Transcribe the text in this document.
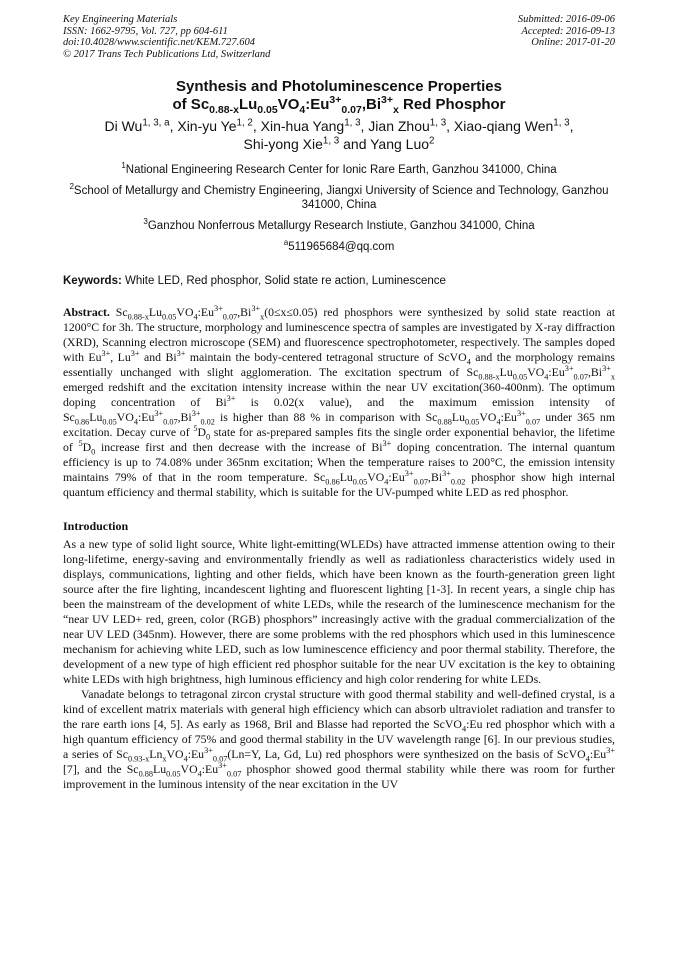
Key Engineering Materials
ISSN: 1662-9795, Vol. 727, pp 604-611
doi:10.4028/www.scientific.net/KEM.727.604
© 2017 Trans Tech Publications Ltd, Switzerland
Submitted: 2016-09-06
Accepted: 2016-09-13
Online: 2017-01-20
Synthesis and Photoluminescence Properties
of $Sc_{0.88-x}Lu_{0.05}VO_4:Eu^{3+}_{0.07},Bi^{3+}_x$ Red Phosphor
Di Wu$^{1, 3, a}$, Xin-yu Ye$^{1, 2}$, Xin-hua Yang$^{1, 3}$, Jian Zhou$^{1, 3}$, Xiao-qiang Wen$^{1, 3}$,
Shi-yong Xie$^{1, 3}$ and Yang Luo$^2$
$^1$National Engineering Research Center for Ionic Rare Earth, Ganzhou 341000, China
$^2$School of Metallurgy and Chemistry Engineering, Jiangxi University of Science and Technology, Ganzhou 341000, China
$^3$Ganzhou Nonferrous Metallurgy Research Instiute, Ganzhou 341000, China
$^a$511965684@qq.com
Keywords: White LED, Red phosphor, Solid state re action, Luminescence
Abstract. $Sc_{0.88-x}Lu_{0.05}VO_4:Eu^{3+}_{0.07},Bi^{3+}_x(0\le x\le 0.05)$ red phosphors were synthesized by solid state reaction at 1200°C for 3h. The structure, morphology and luminescence spectra of samples are investigated by X-ray diffraction (XRD), Scanning electron microscope (SEM) and fluorescence spectrophotometer, respectively. The samples doped with $Eu^{3+}$, $Lu^{3+}$ and $Bi^{3+}$ maintain the body-centered tetragonal structure of ScVO$_4$ and the morphology remains essentially unchanged with slight agglomeration. The excitation spectrum of $Sc_{0.88-x}Lu_{0.05}VO_4:Eu^{3+}_{0.07},Bi^{3+}_x$ emerged redshift and the excitation intensity increase within the near UV excitation(360-400nm). The optimum doping concentration of $Bi^{3+}$ is 0.02(x value), and the maximum emission intensity of $Sc_{0.86}Lu_{0.05}VO_4:Eu^{3+}_{0.07},Bi^{3+}_{0.02}$ is higher than 88 % in comparison with $Sc_{0.88}Lu_{0.05}VO_4:Eu^{3+}_{0.07}$ under 365 nm excitation. Decay curve of $^5D_0$ state for as-prepared samples fits the single order exponential behavior, the lifetime of $^5D_0$ increase first and then decrease with the increase of $Bi^{3+}$ doping concentration. The internal quantum efficiency is up to 74.08% under 365nm excitation; When the temperature raises to 200°C, the emission intensity maintains 79% of that in the room temperature. $Sc_{0.86}Lu_{0.05}VO_4:Eu^{3+}_{0.07},Bi^{3+}_{0.02}$ phosphor show high internal quantum efficiency and thermal stability, which is suitable for the UV-pumped white LED as red phosphor.
Introduction
As a new type of solid light source, White light-emitting(WLEDs) have attracted immense attention owing to their long-lifetime, energy-saving and environmentally friendly as well as radiationless characteristics widely used in displays, communications, lighting and other fields, which have been known as the fourth-generation green light source after the fire lighting, incandescent lighting and fluorescent lighting [1-3]. In recent years, a single chip has been the mainstream of the development of white LEDs, while the research of the luminescence mechanism for the “near UV LED+ red, green, color (RGB) phosphors” increasingly active with the gradual commercialization of the near UV LED (345nm). However, there are some problems with the red phosphors which used in this luminescence mechanism for achieving white LED, such as low luminescence efficiency and poor thermal stability. Therefore, the development of a new type of high efficient red phosphor suitable for the near UV excitation is the key to obtaining white LEDs with high brightness, high luminous efficiency and high color rendering for white LEDs.
Vanadate belongs to tetragonal zircon crystal structure with good thermal stability and well-defined crystal, is a kind of excellent matrix materials with general high efficiency which can absorb ultraviolet radiation and transfer to the rare earth ions [4, 5]. As early as 1968, Bril and Blasse had reported the ScVO$_4$:Eu red phosphor which with a high quantum efficiency of 75% and good thermal stability in the UV wavelength range [6]. In our previous studies, a series of $Sc_{0.93-x}Ln_xVO_4:Eu^{3+}_{0.07}(Ln=Y$, La, Gd, Lu) red phosphors were synthesized on the basis of $ScVO_4:Eu^{3+}$ [7], and the $Sc_{0.88}Lu_{0.05}VO_4:Eu^{3+}_{0.07}$ phosphor showed good thermal stability while there was room for further improvement in the luminous intensity of the near excitation in the UV
